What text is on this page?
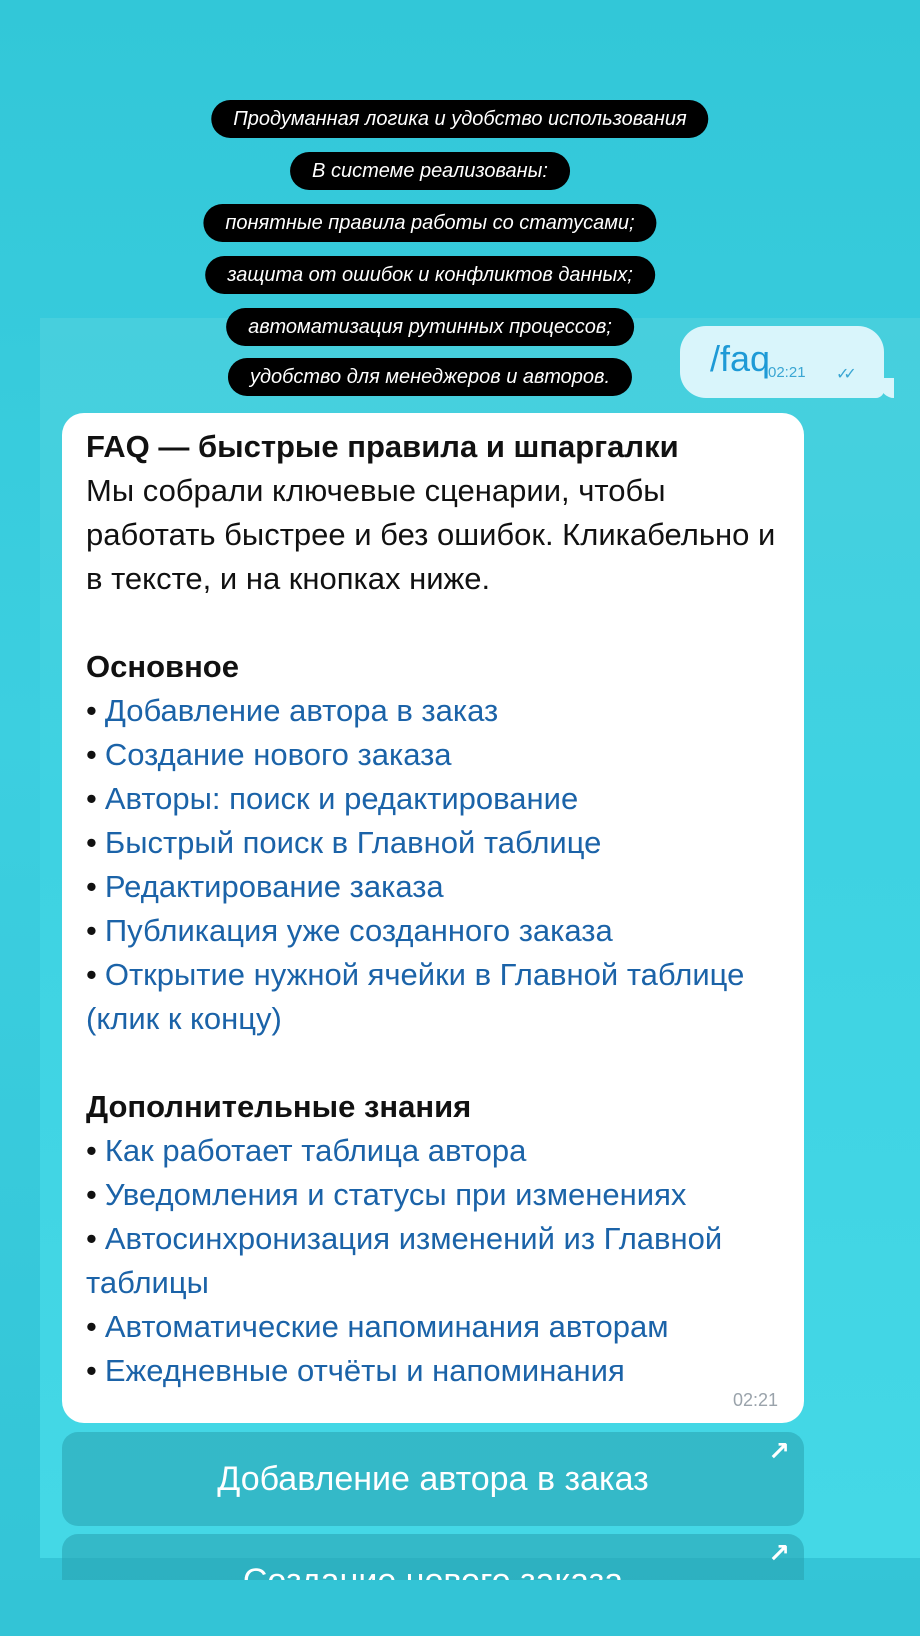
Продуманная логика и удобство использования
В системе реализованы:
понятные правила работы со статусами;
защита от ошибок и конфликтов данных;
автоматизация рутинных процессов;
удобство для менеджеров и авторов.	/faq
02:21 ✓✓
FAQ — быстрые правила и шпаргалки
Мы собрали ключевые сценарии, чтобы работать быстрее и без ошибок. Кликабельно и в тексте, и на кнопках ниже.
Основное
• Добавление автора в заказ
• Создание нового заказа
• Авторы: поиск и редактирование
• Быстрый поиск в Главной таблице
• Редактирование заказа
• Публикация уже созданного заказа
• Открытие нужной ячейки в Главной таблице (клик к концу)
Дополнительные знания
• Как работает таблица автора
• Уведомления и статусы при изменениях
• Автосинхронизация изменений из Главной таблицы
• Автоматические напоминания авторам
• Ежедневные отчёты и напоминания
02:21
Добавление автора в заказ
↗
↗
